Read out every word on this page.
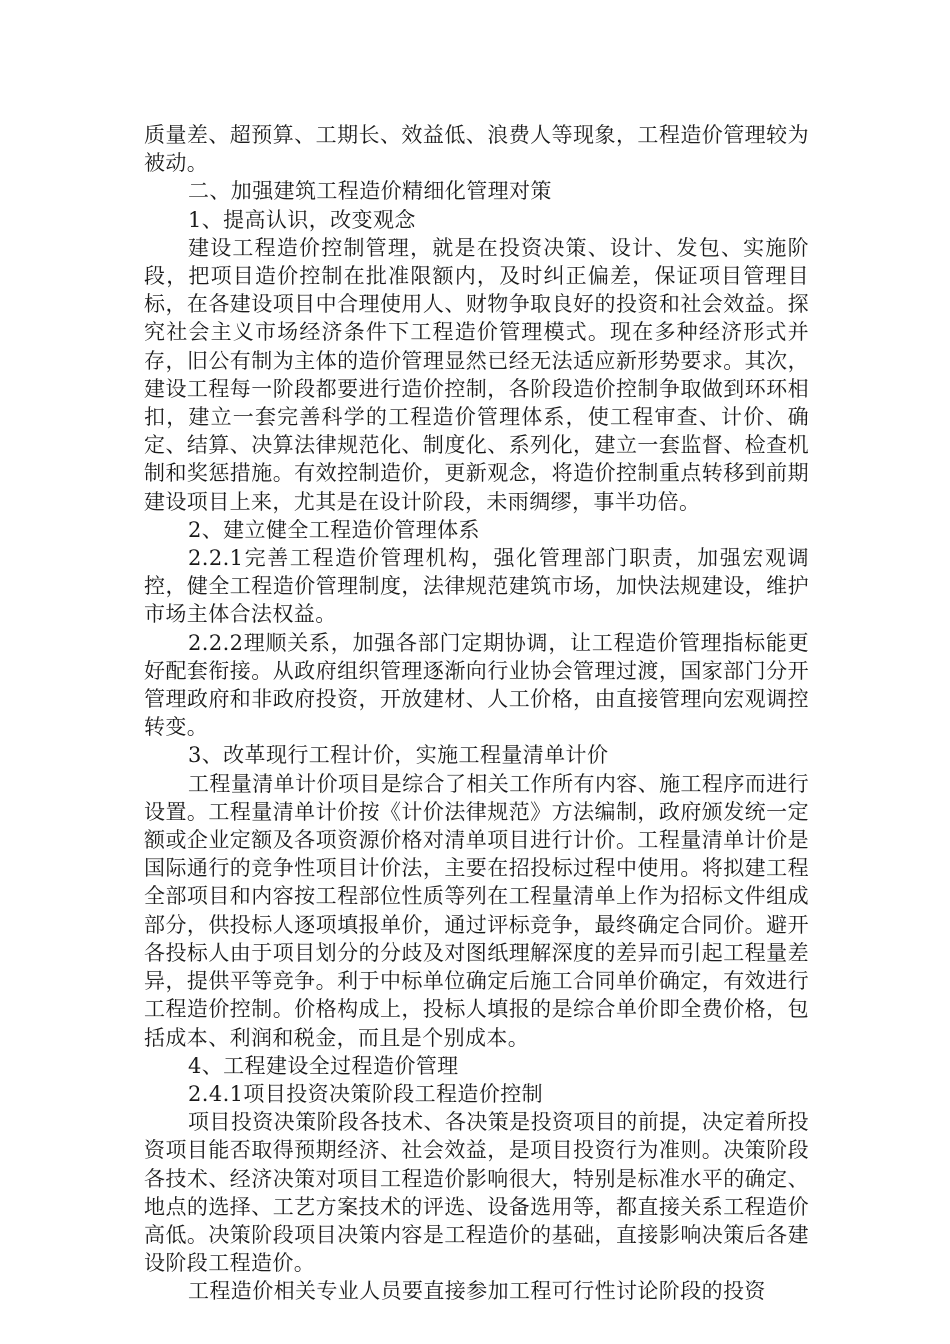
质量差、超预算、工期长、效益低、浪费人等现象，工程造价管理较为被动。

二、加强建筑工程造价精细化管理对策

1、提高认识，改变观念

建设工程造价控制管理，就是在投资决策、设计、发包、实施阶段，把项目造价控制在批准限额内，及时纠正偏差，保证项目管理目标，在各建设项目中合理使用人、财物争取良好的投资和社会效益。探究社会主义市场经济条件下工程造价管理模式。现在多种经济形式并存，旧公有制为主体的造价管理显然已经无法适应新形势要求。其次，建设工程每一阶段都要进行造价控制，各阶段造价控制争取做到环环相扣，建立一套完善科学的工程造价管理体系，使工程审查、计价、确定、结算、决算法律规范化、制度化、系列化，建立一套监督、检查机制和奖惩措施。有效控制造价，更新观念，将造价控制重点转移到前期建设项目上来，尤其是在设计阶段，未雨绸缪，事半功倍。

2、建立健全工程造价管理体系

2.2.1完善工程造价管理机构，强化管理部门职责，加强宏观调控，健全工程造价管理制度，法律规范建筑市场，加快法规建设，维护市场主体合法权益。

2.2.2理顺关系，加强各部门定期协调，让工程造价管理指标能更好配套衔接。从政府组织管理逐渐向行业协会管理过渡，国家部门分开管理政府和非政府投资，开放建材、人工价格，由直接管理向宏观调控转变。

3、改革现行工程计价，实施工程量清单计价

工程量清单计价项目是综合了相关工作所有内容、施工程序而进行设置。工程量清单计价按《计价法律规范》方法编制，政府颁发统一定额或企业定额及各项资源价格对清单项目进行计价。工程量清单计价是国际通行的竞争性项目计价法，主要在招投标过程中使用。将拟建工程全部项目和内容按工程部位性质等列在工程量清单上作为招标文件组成部分，供投标人逐项填报单价，通过评标竞争，最终确定合同价。避开各投标人由于项目划分的分歧及对图纸理解深度的差异而引起工程量差异，提供平等竞争。利于中标单位确定后施工合同单价确定，有效进行工程造价控制。价格构成上，投标人填报的是综合单价即全费价格，包括成本、利润和税金，而且是个别成本。

4、工程建设全过程造价管理

2.4.1项目投资决策阶段工程造价控制

项目投资决策阶段各技术、各决策是投资项目的前提，决定着所投资项目能否取得预期经济、社会效益，是项目投资行为准则。决策阶段各技术、经济决策对项目工程造价影响很大，特别是标准水平的确定、地点的选择、工艺方案技术的评选、设备选用等，都直接关系工程造价高低。决策阶段项目决策内容是工程造价的基础，直接影响决策后各建设阶段工程造价。

工程造价相关专业人员要直接参加工程可行性讨论阶段的投资
